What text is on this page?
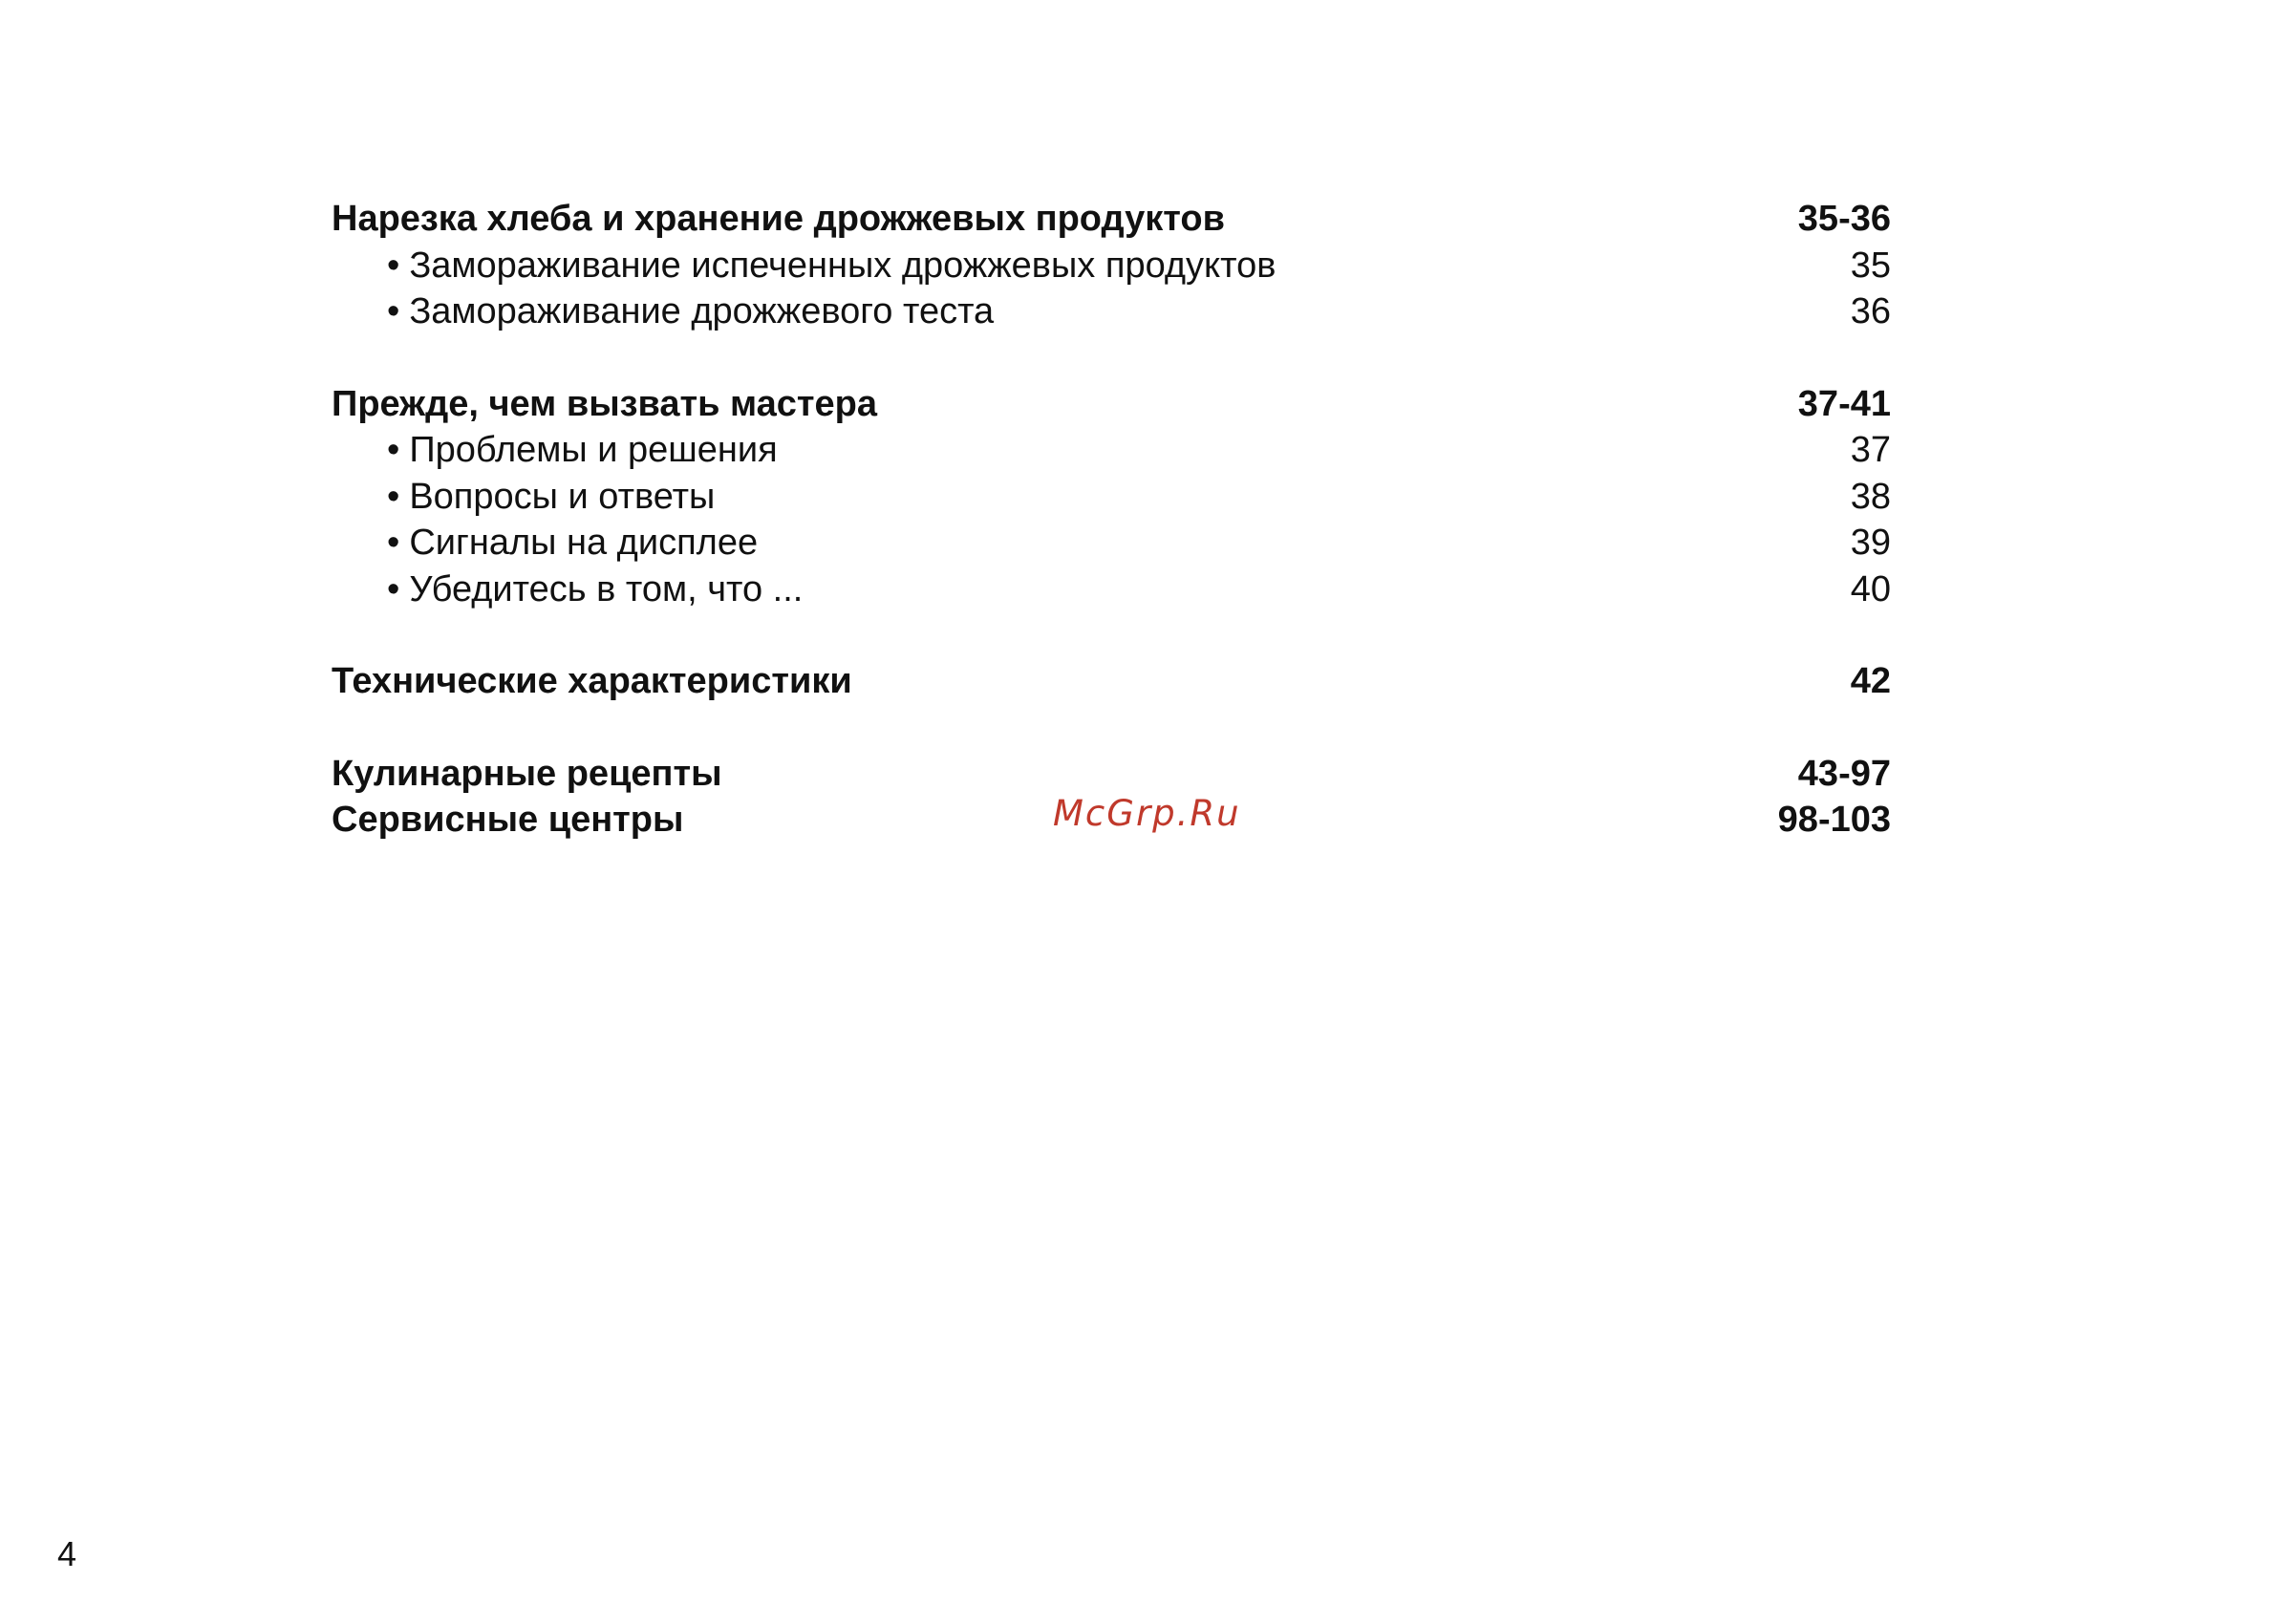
Нарезка хлеба и хранение дрожжевых продуктов	35-36
• Замораживание испеченных дрожжевых продуктов	35
• Замораживание дрожжевого теста	36
Прежде, чем вызвать мастера	37-41
• Проблемы и решения	37
• Вопросы и ответы	38
• Сигналы на дисплее	39
• Убедитесь в том, что ...	40
Технические характеристики	42
Кулинарные рецепты	43-97
Сервисные центры	98-103
McGrp.Ru
4
